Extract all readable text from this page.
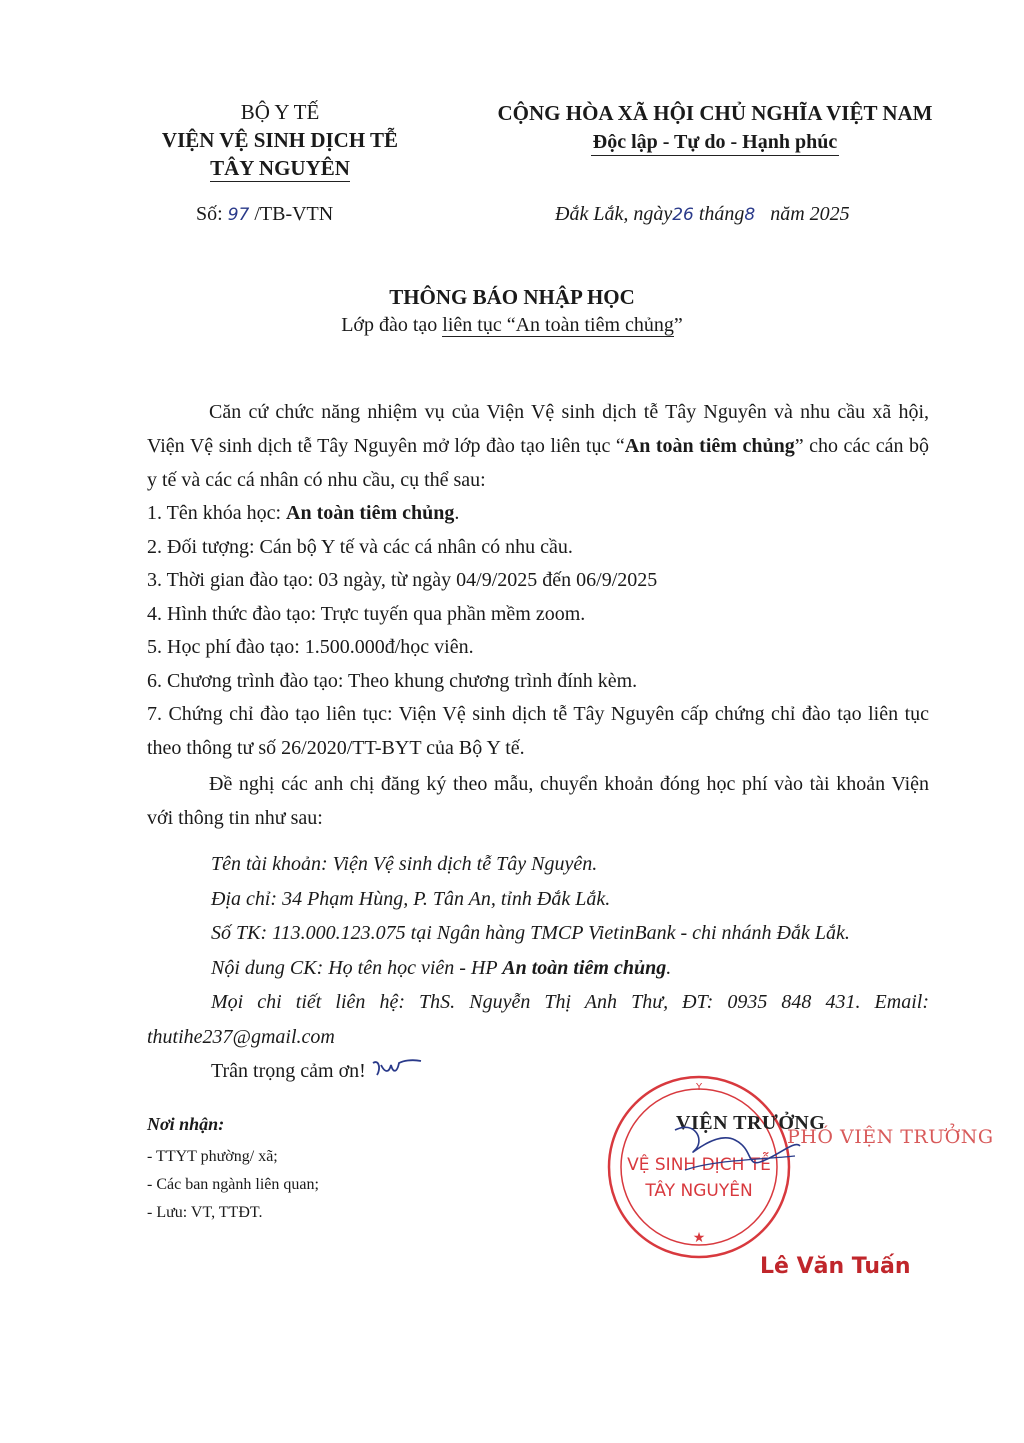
BỘ Y TẾ
VIỆN VỆ SINH DỊCH TỄ
TÂY NGUYÊN
CỘNG HÒA XÃ HỘI CHỦ NGHĨA VIỆT NAM
Độc lập - Tự do - Hạnh phúc
Số: 97 /TB-VTN	Đắk Lắk, ngày26 tháng8   năm 2025
THÔNG BÁO NHẬP HỌC
Lớp đào tạo liên tục “An toàn tiêm chủng”
Căn cứ chức năng nhiệm vụ của Viện Vệ sinh dịch tễ Tây Nguyên và nhu cầu xã hội, Viện Vệ sinh dịch tễ Tây Nguyên mở lớp đào tạo liên tục “An toàn tiêm chủng” cho các cán bộ y tế và các cá nhân có nhu cầu, cụ thể sau:
1. Tên khóa học: An toàn tiêm chủng.
2. Đối tượng: Cán bộ Y tế và các cá nhân có nhu cầu.
3. Thời gian đào tạo: 03 ngày, từ ngày 04/9/2025 đến 06/9/2025
4. Hình thức đào tạo: Trực tuyến qua phần mềm zoom.
5. Học phí đào tạo: 1.500.000đ/học viên.
6. Chương trình đào tạo: Theo khung chương trình đính kèm.
7. Chứng chỉ đào tạo liên tục: Viện Vệ sinh dịch tễ Tây Nguyên cấp chứng chỉ đào tạo liên tục theo thông tư số 26/2020/TT-BYT của Bộ Y tế.
Đề nghị các anh chị đăng ký theo mẫu, chuyển khoản đóng học phí vào tài khoản Viện với thông tin như sau:
Tên tài khoản: Viện Vệ sinh dịch tễ Tây Nguyên.
Địa chỉ: 34 Phạm Hùng, P. Tân An, tỉnh Đắk Lắk.
Số TK: 113.000.123.075 tại Ngân hàng TMCP VietinBank - chi nhánh Đắk Lắk.
Nội dung CK: Họ tên học viên - HP An toàn tiêm chủng.
Mọi chi tiết liên hệ: ThS. Nguyễn Thị Anh Thư, ĐT: 0935 848 431. Email: thutihe237@gmail.com
Trân trọng cảm ơn!
Nơi nhận:
- TTYT phường/ xã;
- Các ban ngành liên quan;
- Lưu: VT, TTĐT.
VỆ SINH DỊCH TỄ
TÂY NGUYÊN
★
Y
VIỆN TRƯỞNG
PHÓ VIỆN TRƯỞNG
Lê Văn Tuấn
